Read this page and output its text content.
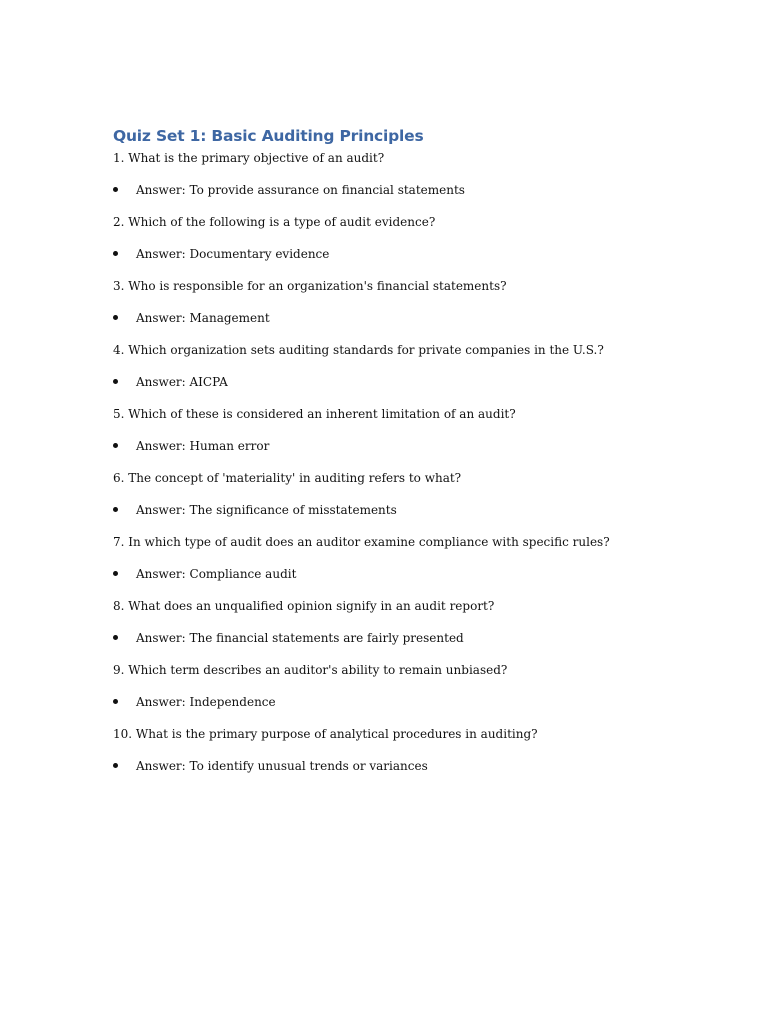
Quiz Set 1: Basic Auditing Principles

1. What is the primary objective of an audit?

Answer: To provide assurance on financial statements

2. Which of the following is a type of audit evidence?

Answer: Documentary evidence

3. Who is responsible for an organization's financial statements?

Answer: Management

4. Which organization sets auditing standards for private companies in the U.S.?

Answer: AICPA

5. Which of these is considered an inherent limitation of an audit?

Answer: Human error

6. The concept of 'materiality' in auditing refers to what?

Answer: The significance of misstatements

7. In which type of audit does an auditor examine compliance with specific rules?

Answer: Compliance audit

8. What does an unqualified opinion signify in an audit report?

Answer: The financial statements are fairly presented

9. Which term describes an auditor's ability to remain unbiased?

Answer: Independence

10. What is the primary purpose of analytical procedures in auditing?

Answer: To identify unusual trends or variances
